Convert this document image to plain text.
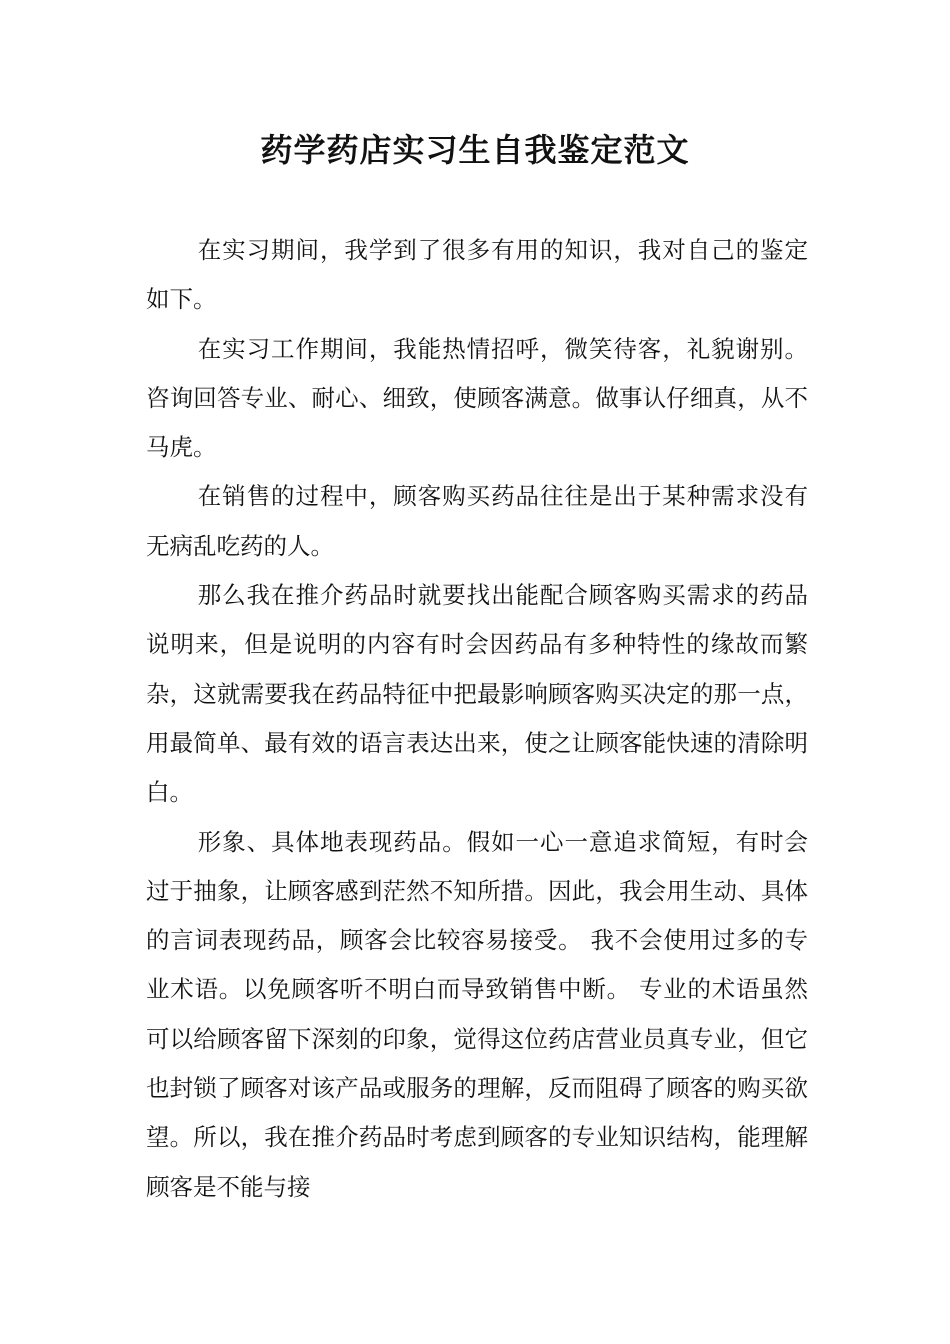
药学药店实习生自我鉴定范文

在实习期间，我学到了很多有用的知识，我对自己的鉴定如下。

在实习工作期间，我能热情招呼，微笑待客，礼貌谢别。咨询回答专业、耐心、细致，使顾客满意。做事认仔细真，从不马虎。

在销售的过程中，顾客购买药品往往是出于某种需求没有无病乱吃药的人。

那么我在推介药品时就要找出能配合顾客购买需求的药品说明来，但是说明的内容有时会因药品有多种特性的缘故而繁杂，这就需要我在药品特征中把最影响顾客购买决定的那一点，用最简单、最有效的语言表达出来，使之让顾客能快速的清除明白。

形象、具体地表现药品。假如一心一意追求简短，有时会过于抽象，让顾客感到茫然不知所措。因此，我会用生动、具体的言词表现药品，顾客会比较容易接受。 我不会使用过多的专业术语。以免顾客听不明白而导致销售中断。 专业的术语虽然可以给顾客留下深刻的印象，觉得这位药店营业员真专业，但它也封锁了顾客对该产品或服务的理解，反而阻碍了顾客的购买欲望。所以，我在推介药品时考虑到顾客的专业知识结构，能理解顾客是不能与接
